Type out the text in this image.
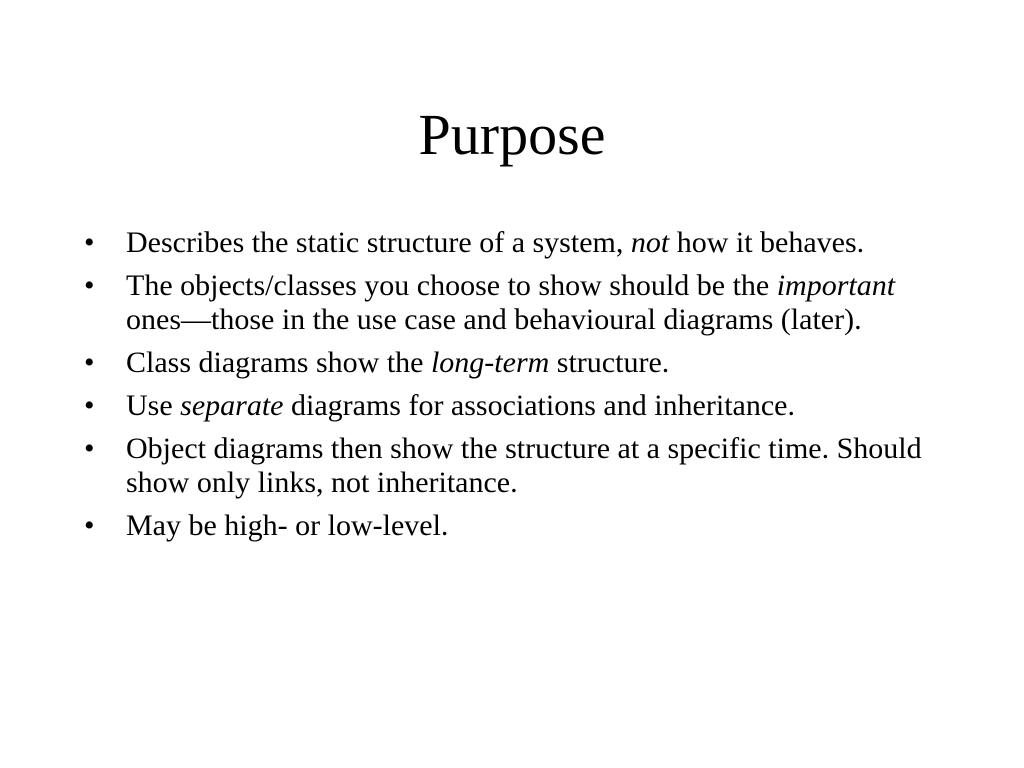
Purpose
•	Describes the static structure of a system, not how it behaves.
•	The objects/classes you choose to show should be the important ones—those in the use case and behavioural diagrams (later).
•	Class diagrams show the long-term structure.
•	Use separate diagrams for associations and inheritance.
•	Object diagrams then show the structure at a specific time. Should show only links, not inheritance.
•	May be high- or low-level.
